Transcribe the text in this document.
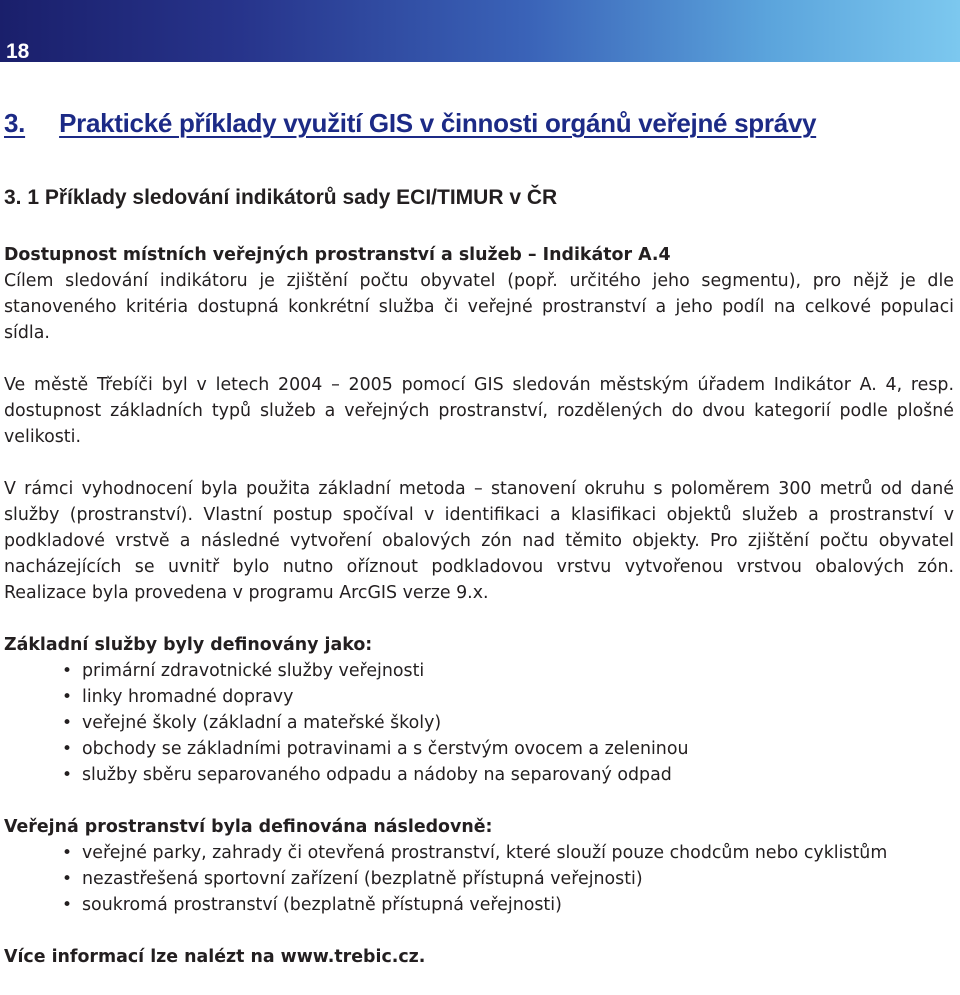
18
3. Praktické příklady využití GIS v činnosti orgánů veřejné správy
3. 1 Příklady sledování indikátorů sady ECI/TIMUR v ČR

Dostupnost místních veřejných prostranství a služeb – Indikátor A.4

Cílem sledování indikátoru je zjištění počtu obyvatel (popř. určitého jeho segmentu), pro nějž je dle stanoveného kritéria dostupná konkrétní služba či veřejné prostranství a jeho podíl na celkové populaci sídla.

Ve městě Třebíči byl v letech 2004 – 2005 pomocí GIS sledován městským úřadem Indikátor A. 4, resp. dostupnost základních typů služeb a veřejných prostranství, rozdělených do dvou kategorií podle plošné velikosti.

V rámci vyhodnocení byla použita základní metoda – stanovení okruhu s poloměrem 300 metrů od dané služby (prostranství). Vlastní postup spočíval v identifikaci a klasifikaci objektů služeb a prostranství v podkladové vrstvě a následné vytvoření obalových zón nad těmito objekty. Pro zjištění počtu obyvatel nacházejících se uvnitř bylo nutno oříznout podkladovou vrstvu vytvořenou vrstvou obalových zón. Realizace byla provedena v programu ArcGIS verze 9.x.

Základní služby byly definovány jako:

• primární zdravotnické služby veřejnosti
• linky hromadné dopravy
• veřejné školy (základní a mateřské školy)
• obchody se základními potravinami a s čerstvým ovocem a zeleninou
• služby sběru separovaného odpadu a nádoby na separovaný odpad

Veřejná prostranství byla definována následovně:

• veřejné parky, zahrady či otevřená prostranství, které slouží pouze chodcům nebo cyklistům
• nezastřešená sportovní zařízení (bezplatně přístupná veřejnosti)
• soukromá prostranství (bezplatně přístupná veřejnosti)

Více informací lze nalézt na www.trebic.cz.
